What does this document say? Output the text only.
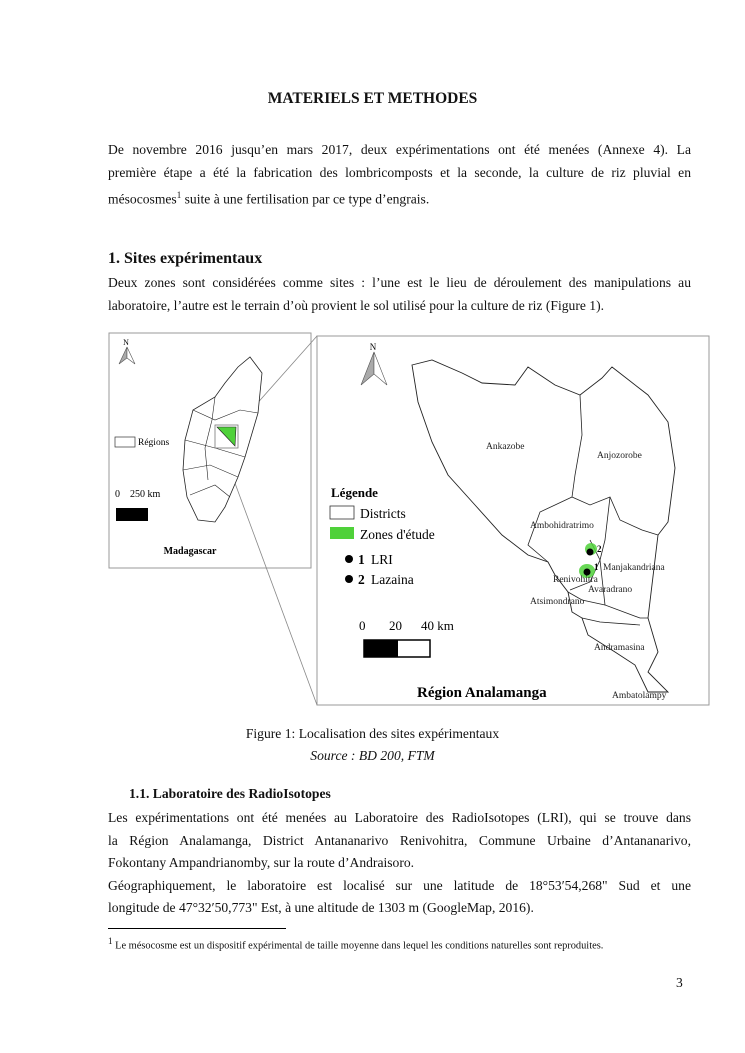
MATERIELS ET METHODES
De novembre 2016 jusqu’en mars 2017, deux expérimentations ont été menées (Annexe 4). La
première étape a été la fabrication des lombricomposts et la seconde, la culture de riz pluvial en
mésocosmes$^1$ suite à une fertilisation par ce type d’engrais.
1. Sites expérimentaux
Deux zones sont considérées comme sites : l’une est le lieu de déroulement des manipulations au
laboratoire, l’autre est le terrain d’où provient le sol utilisé pour la culture de riz (Figure 1).
N
Régions
0    250 km
Madagascar
N
2
1
Ankazobe
Anjozorobe
Ambohidratrimo
Manjakandriana
Renivohitra
Avaradrano
Atsimondrano
Andramasina
Ambatolampy
Légende
Districts
Zones d'étude
1 LRI
2 Lazaina
0 20 40 km
Région Analamanga
Figure 1: Localisation des sites expérimentaux
Source : BD 200, FTM
1.1. Laboratoire des RadioIsotopes
Les expérimentations ont été menées au Laboratoire des RadioIsotopes (LRI), qui se trouve dans
la Région Analamanga, District Antananarivo Renivohitra, Commune Urbaine d’Antananarivo,
Fokontany Ampandrianomby, sur la route d’Andraisoro.
Géographiquement, le laboratoire est localisé sur une latitude de 18°53′54,268" Sud et une
longitude de 47°32′50,773" Est, à une altitude de 1303 m (GoogleMap, 2016).
$^1$ Le mésocosme est un dispositif expérimental de taille moyenne dans lequel les conditions naturelles sont reproduites.
3
